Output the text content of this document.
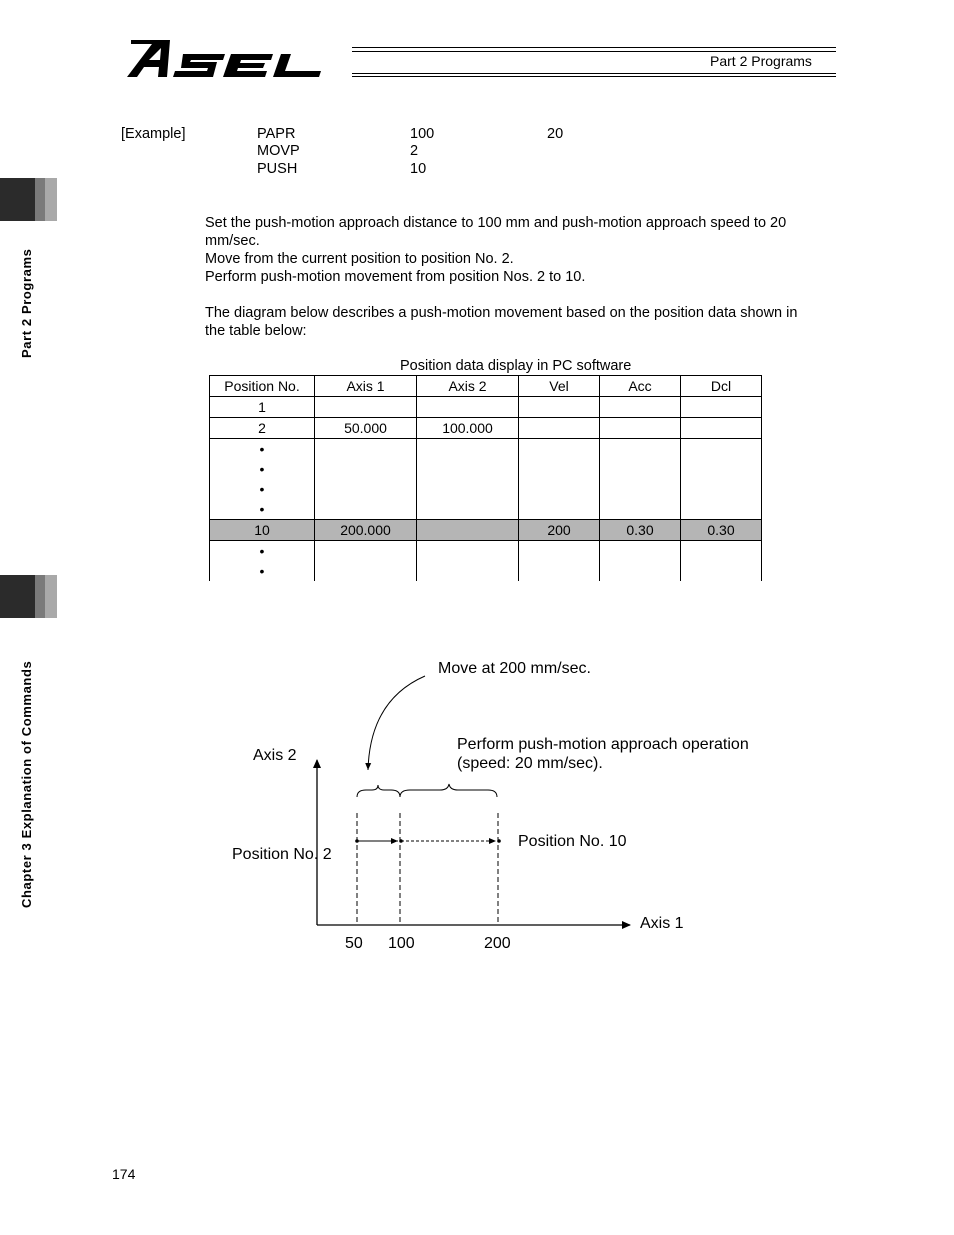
Part 2 Programs
Part 2 Programs
Chapter 3 Explanation of Commands
[Example]	PAPR	100	20
MOVP	2
PUSH	10
Set the push-motion approach distance to 100 mm and push-motion approach speed to 20
mm/sec.
Move from the current position to position No. 2.
Perform push-motion movement from position Nos. 2 to 10.
The diagram below describes a push-motion movement based on the position data shown in
the table below:
Position data display in PC software
Position No.	Axis 1	Axis 2	Vel	Acc	Dcl
1					
2	50.000	100.000			

•
•
•
•					

10	200.000		200	0.30	0.30

•
•					

Move at 200 mm/sec.
Perform push-motion approach operation
(speed: 20 mm/sec).
Axis 2
Axis 1
Position No. 2
Position No. 10
50 100	200
174
